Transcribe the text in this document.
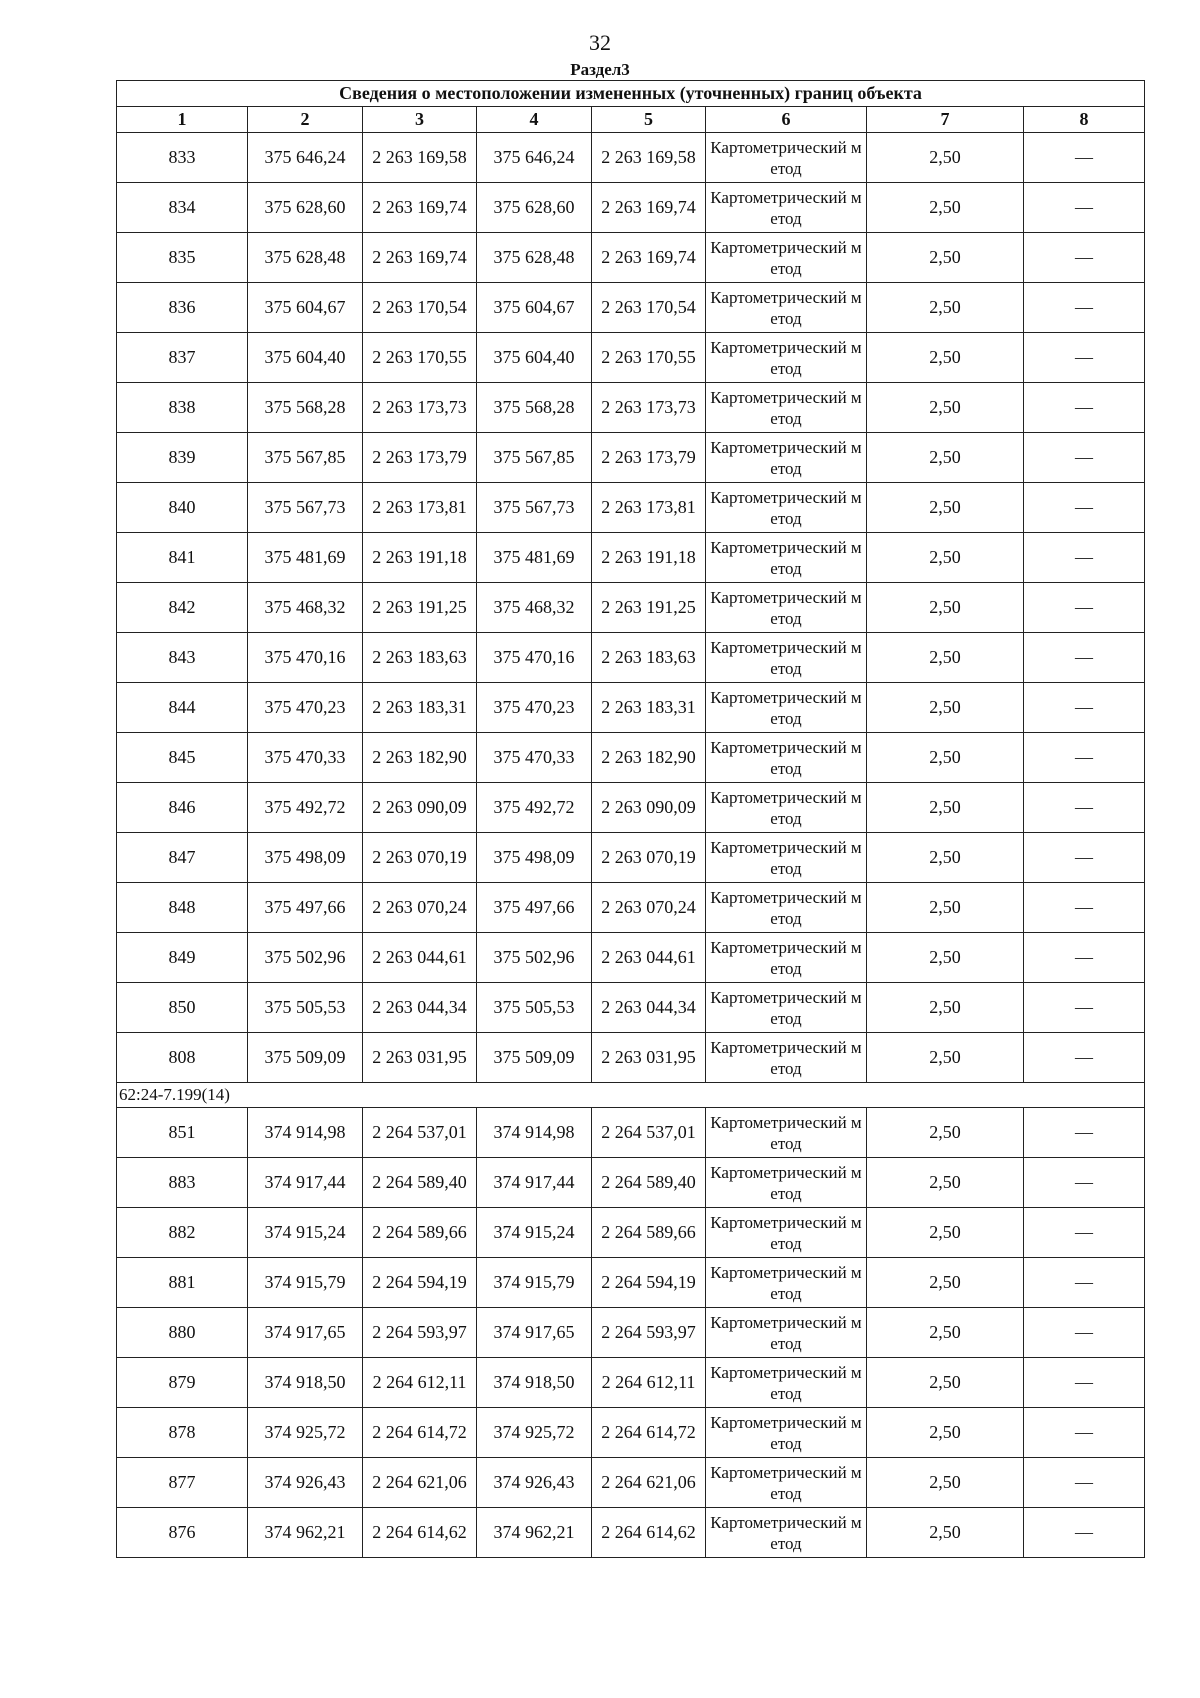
32
Раздел3
Сведения о местоположении измененных (уточненных) границ объекта							
1	2	3	4	5	6	7	8
833	375 646,24	2 263 169,58	375 646,24	2 263 169,58	Картометрический метод	2,50	—
834	375 628,60	2 263 169,74	375 628,60	2 263 169,74	Картометрический метод	2,50	—
835	375 628,48	2 263 169,74	375 628,48	2 263 169,74	Картометрический метод	2,50	—
836	375 604,67	2 263 170,54	375 604,67	2 263 170,54	Картометрический метод	2,50	—
837	375 604,40	2 263 170,55	375 604,40	2 263 170,55	Картометрический метод	2,50	—
838	375 568,28	2 263 173,73	375 568,28	2 263 173,73	Картометрический метод	2,50	—
839	375 567,85	2 263 173,79	375 567,85	2 263 173,79	Картометрический метод	2,50	—
840	375 567,73	2 263 173,81	375 567,73	2 263 173,81	Картометрический метод	2,50	—
841	375 481,69	2 263 191,18	375 481,69	2 263 191,18	Картометрический метод	2,50	—
842	375 468,32	2 263 191,25	375 468,32	2 263 191,25	Картометрический метод	2,50	—
843	375 470,16	2 263 183,63	375 470,16	2 263 183,63	Картометрический метод	2,50	—
844	375 470,23	2 263 183,31	375 470,23	2 263 183,31	Картометрический метод	2,50	—
845	375 470,33	2 263 182,90	375 470,33	2 263 182,90	Картометрический метод	2,50	—
846	375 492,72	2 263 090,09	375 492,72	2 263 090,09	Картометрический метод	2,50	—
847	375 498,09	2 263 070,19	375 498,09	2 263 070,19	Картометрический метод	2,50	—
848	375 497,66	2 263 070,24	375 497,66	2 263 070,24	Картометрический метод	2,50	—
849	375 502,96	2 263 044,61	375 502,96	2 263 044,61	Картометрический метод	2,50	—
850	375 505,53	2 263 044,34	375 505,53	2 263 044,34	Картометрический метод	2,50	—
808	375 509,09	2 263 031,95	375 509,09	2 263 031,95	Картометрический метод	2,50	—
62:24-7.199(14)							
851	374 914,98	2 264 537,01	374 914,98	2 264 537,01	Картометрический метод	2,50	—
883	374 917,44	2 264 589,40	374 917,44	2 264 589,40	Картометрический метод	2,50	—
882	374 915,24	2 264 589,66	374 915,24	2 264 589,66	Картометрический метод	2,50	—
881	374 915,79	2 264 594,19	374 915,79	2 264 594,19	Картометрический метод	2,50	—
880	374 917,65	2 264 593,97	374 917,65	2 264 593,97	Картометрический метод	2,50	—
879	374 918,50	2 264 612,11	374 918,50	2 264 612,11	Картометрический метод	2,50	—
878	374 925,72	2 264 614,72	374 925,72	2 264 614,72	Картометрический метод	2,50	—
877	374 926,43	2 264 621,06	374 926,43	2 264 621,06	Картометрический метод	2,50	—
876	374 962,21	2 264 614,62	374 962,21	2 264 614,62	Картометрический метод	2,50	—
